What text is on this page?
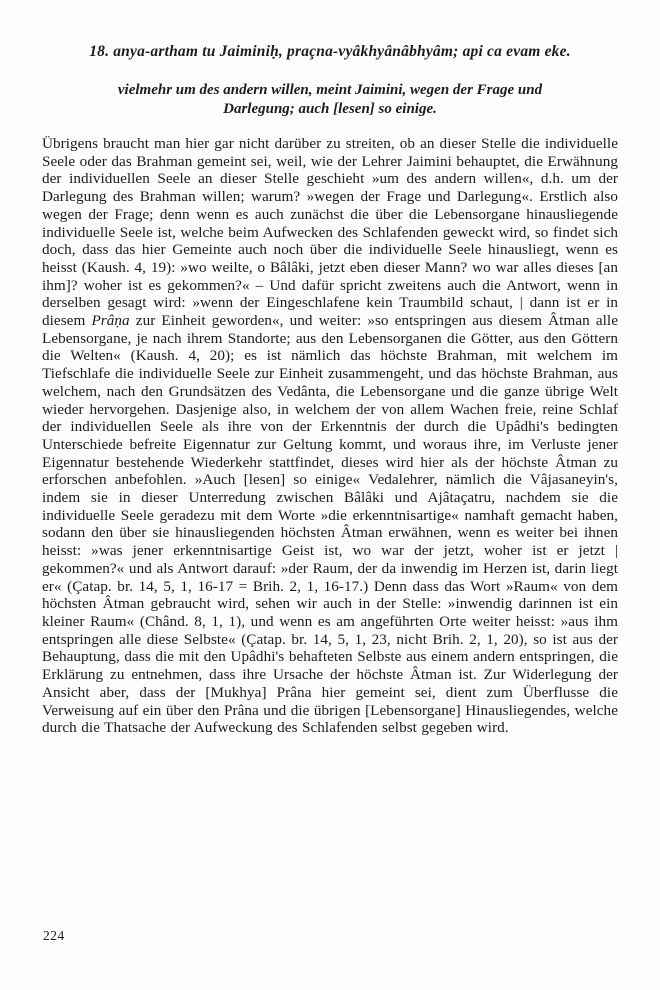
18. anya-artham tu Jaiminiḥ, praçna-vyâkhyânâbhyâm; api ca evam eke.
vielmehr um des andern willen, meint Jaimini, wegen der Frage und
Darlegung; auch [lesen] so einige.

Übrigens braucht man hier gar nicht darüber zu streiten, ob an dieser Stelle die individuelle Seele oder das Brahman gemeint sei, weil, wie der Lehrer Jaimini behauptet, die Erwähnung der individuellen Seele an dieser Stelle geschieht »um des andern willen«, d.h. um der Darlegung des Brahman willen; warum? »wegen der Frage und Darlegung«. Erstlich also wegen der Frage; denn wenn es auch zunächst die über die Lebensorgane hinausliegende individuelle Seele ist, welche beim Aufwecken des Schlafenden geweckt wird, so findet sich doch, dass das hier Gemeinte auch noch über die individuelle Seele hinausliegt, wenn es heisst (Kaush. 4, 19): »wo weilte, o Bâlâki, jetzt eben dieser Mann? wo war alles dieses [an ihm]? woher ist es gekommen?« – Und dafür spricht zweitens auch die Antwort, wenn in derselben gesagt wird: »wenn der Eingeschlafene kein Traumbild schaut, | dann ist er in diesem Prâṇa zur Einheit geworden«, und weiter: »so entspringen aus diesem Âtman alle Lebensorgane, je nach ihrem Standorte; aus den Lebensorganen die Götter, aus den Göttern die Welten« (Kaush. 4, 20); es ist nämlich das höchste Brahman, mit welchem im Tiefschlafe die individuelle Seele zur Einheit zusammengeht, und das höchste Brahman, aus welchem, nach den Grundsätzen des Vedânta, die Lebensorgane und die ganze übrige Welt wieder hervorgehen. Dasjenige also, in welchem der von allem Wachen freie, reine Schlaf der individuellen Seele als ihre von der Erkenntnis der durch die Upâdhi's bedingten Unterschiede befreite Eigennatur zur Geltung kommt, und woraus ihre, im Verluste jener Eigennatur bestehende Wiederkehr stattfindet, dieses wird hier als der höchste Âtman zu erforschen anbefohlen. »Auch [lesen] so einige« Vedalehrer, nämlich die Vâjasaneyin's, indem sie in dieser Unterredung zwischen Bâlâki und Ajâtaçatru, nachdem sie die individuelle Seele geradezu mit dem Worte »die erkenntnisartige« namhaft gemacht haben, sodann den über sie hinausliegenden höchsten Âtman erwähnen, wenn es weiter bei ihnen heisst: »was jener erkenntnisartige Geist ist, wo war der jetzt, woher ist er jetzt | gekommen?« und als Antwort darauf: »der Raum, der da inwendig im Herzen ist, darin liegt er« (Çatap. br. 14, 5, 1, 16-17 = Brih. 2, 1, 16-17.) Denn dass das Wort »Raum« von dem höchsten Âtman gebraucht wird, sehen wir auch in der Stelle: »inwendig darinnen ist ein kleiner Raum« (Chând. 8, 1, 1), und wenn es am angeführten Orte weiter heisst: »aus ihm entspringen alle diese Selbste« (Çatap. br. 14, 5, 1, 23, nicht Brih. 2, 1, 20), so ist aus der Behauptung, dass die mit den Upâdhi's behafteten Selbste aus einem andern entspringen, die Erklärung zu entnehmen, dass ihre Ursache der höchste Âtman ist. Zur Widerlegung der Ansicht aber, dass der [Mukhya] Prâna hier gemeint sei, dient zum Überflusse die Verweisung auf ein über den Prâna und die übrigen [Lebensorgane] Hinausliegendes, welche durch die Thatsache der Aufweckung des Schlafenden selbst gegeben wird.

224
